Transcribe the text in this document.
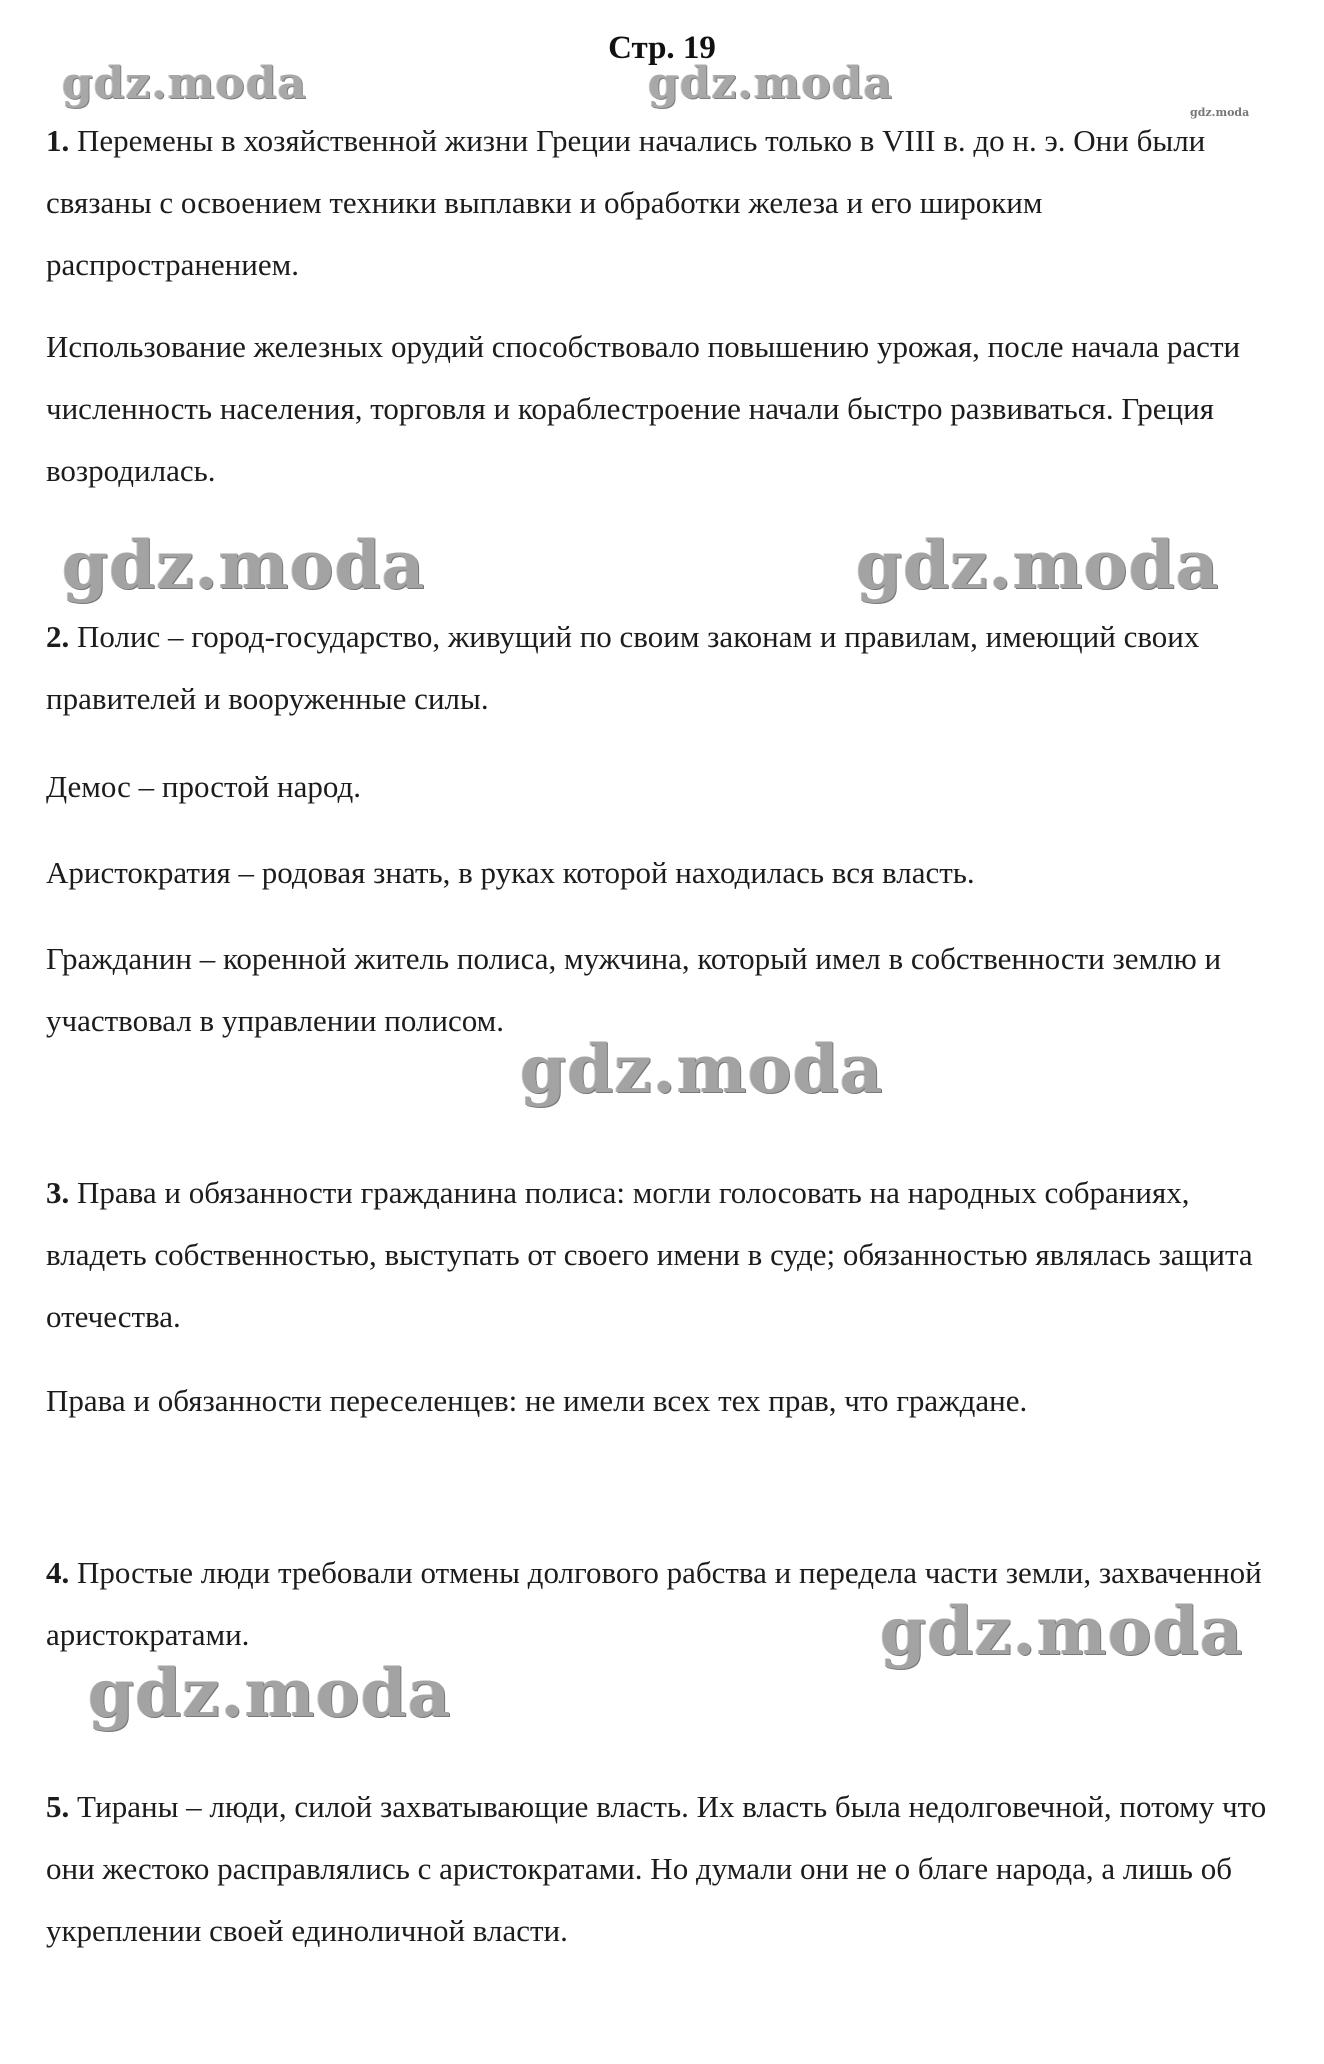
Стр. 19
gdz.moda	gdz.moda
gdz.moda
gdz.moda	gdz.moda
gdz.moda
gdz.moda
gdz.moda

1. Перемены в хозяйственной жизни Греции начались только в VIII в. до н. э. Они были связаны с освоением техники выплавки и обработки железа и его широким распространением.

Использование железных орудий способствовало повышению урожая, после начала расти численность населения, торговля и кораблестроение начали быстро развиваться. Греция возродилась.

2. Полис – город-государство, живущий по своим законам и правилам, имеющий своих правителей и вооруженные силы.

Демос – простой народ.

Аристократия – родовая знать, в руках которой находилась вся власть.

Гражданин – коренной житель полиса, мужчина, который имел в собственности землю и участвовал в управлении полисом.

3. Права и обязанности гражданина полиса: могли голосовать на народных собраниях, владеть собственностью, выступать от своего имени в суде; обязанностью являлась защита отечества.

Права и обязанности переселенцев: не имели всех тех прав, что граждане.

4. Простые люди требовали отмены долгового рабства и передела части земли, захваченной аристократами.

5. Тираны – люди, силой захватывающие власть. Их власть была недолговечной, потому что они жестоко расправлялись с аристократами. Но думали они не о благе народа, а лишь об укреплении своей единоличной власти.
